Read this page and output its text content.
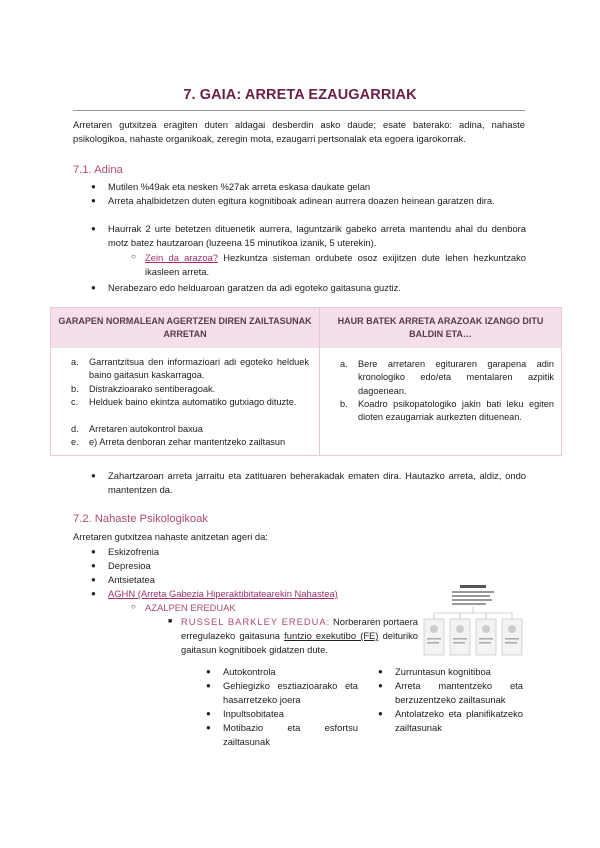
7. GAIA: ARRETA EZAUGARRIAK
Arretaren gutxitzea eragiten duten aldagai desberdin asko daude; esate baterako: adina, nahaste psikologikoa, nahaste organikoak, zeregin mota, ezaugarri pertsonalak eta egoera igarokorrak.
7.1. Adina
● Mutilen %49ak eta nesken %27ak arreta eskasa daukate gelan
● Arreta ahalbidetzen duten egitura kognitiboak adinean aurrera doazen heinean garatzen dira.
● Haurrak 2 urte betetzen dituenetik aurrera, laguntzarik gabeko arreta mantendu ahal du denbora motz batez hautzaroan (luzeena 15 minutikoa izanik, 5 uterekin).
○ Zein da arazoa? Hezkuntza sisteman ordubete osoz exijitzen dute lehen hezkuntzako ikasleen arreta.
● Nerabezaro edo helduaroan garatzen da adi egoteko gaitasuna guztiz.
GARAPEN NORMALEAN AGERTZEN DIREN ZAILTASUNAK ARRETAN
HAUR BATEK ARRETA ARAZOAK IZANGO DITU BALDIN ETA…
a. Garrantzitsua den informazioari adi egoteko helduek baino gaitasun kaskarragoa.
b. Distrakzioarako sentiberagoak.
c. Helduek baino ekintza automatiko gutxiago dituzte.
d. Arretaren autokontrol baxua
e. e) Arreta denboran zehar mantentzeko zailtasun
a. Bere arretaren egituraren garapena adin kronologiko edo/eta mentalaren azpitik dagoenean.
b. Koadro psikopatologiko jakin bati leku egiten dioten ezaugarriak aurkezten dituenean.
● Zahartzaroan arreta jarraitu eta zatituaren beherakadak ematen dira. Hautazko arreta, aldiz, ondo mantentzen da.
7.2. Nahaste Psikologikoak
Arretaren gutxitzea nahaste anitzetan ageri da:
● Eskizofrenia
● Depresioa
● Antsietatea
● AGHN (Arreta Gabezia Hiperaktibitatearekin Nahastea)
○ AZALPEN EREDUAK
■ RUSSEL BARKLEY EREDUA: Norberaren portaera erregulazeko gaitasuna funtzio exekutibo (FE) deituriko gaitasun kognitiboek gidatzen dute.
● Autokontrola
● Gehiegizko esztiazioarako eta hasarretzeko joera
● Inpultsobitatea
● Motibazio eta esfortsu zailtasunak
● Zurruntasun kognitiboa
● Arreta mantentzeko eta berzuzentzeko zailtasunak
● Antolatzeko eta planifikatzeko zailtasunak
